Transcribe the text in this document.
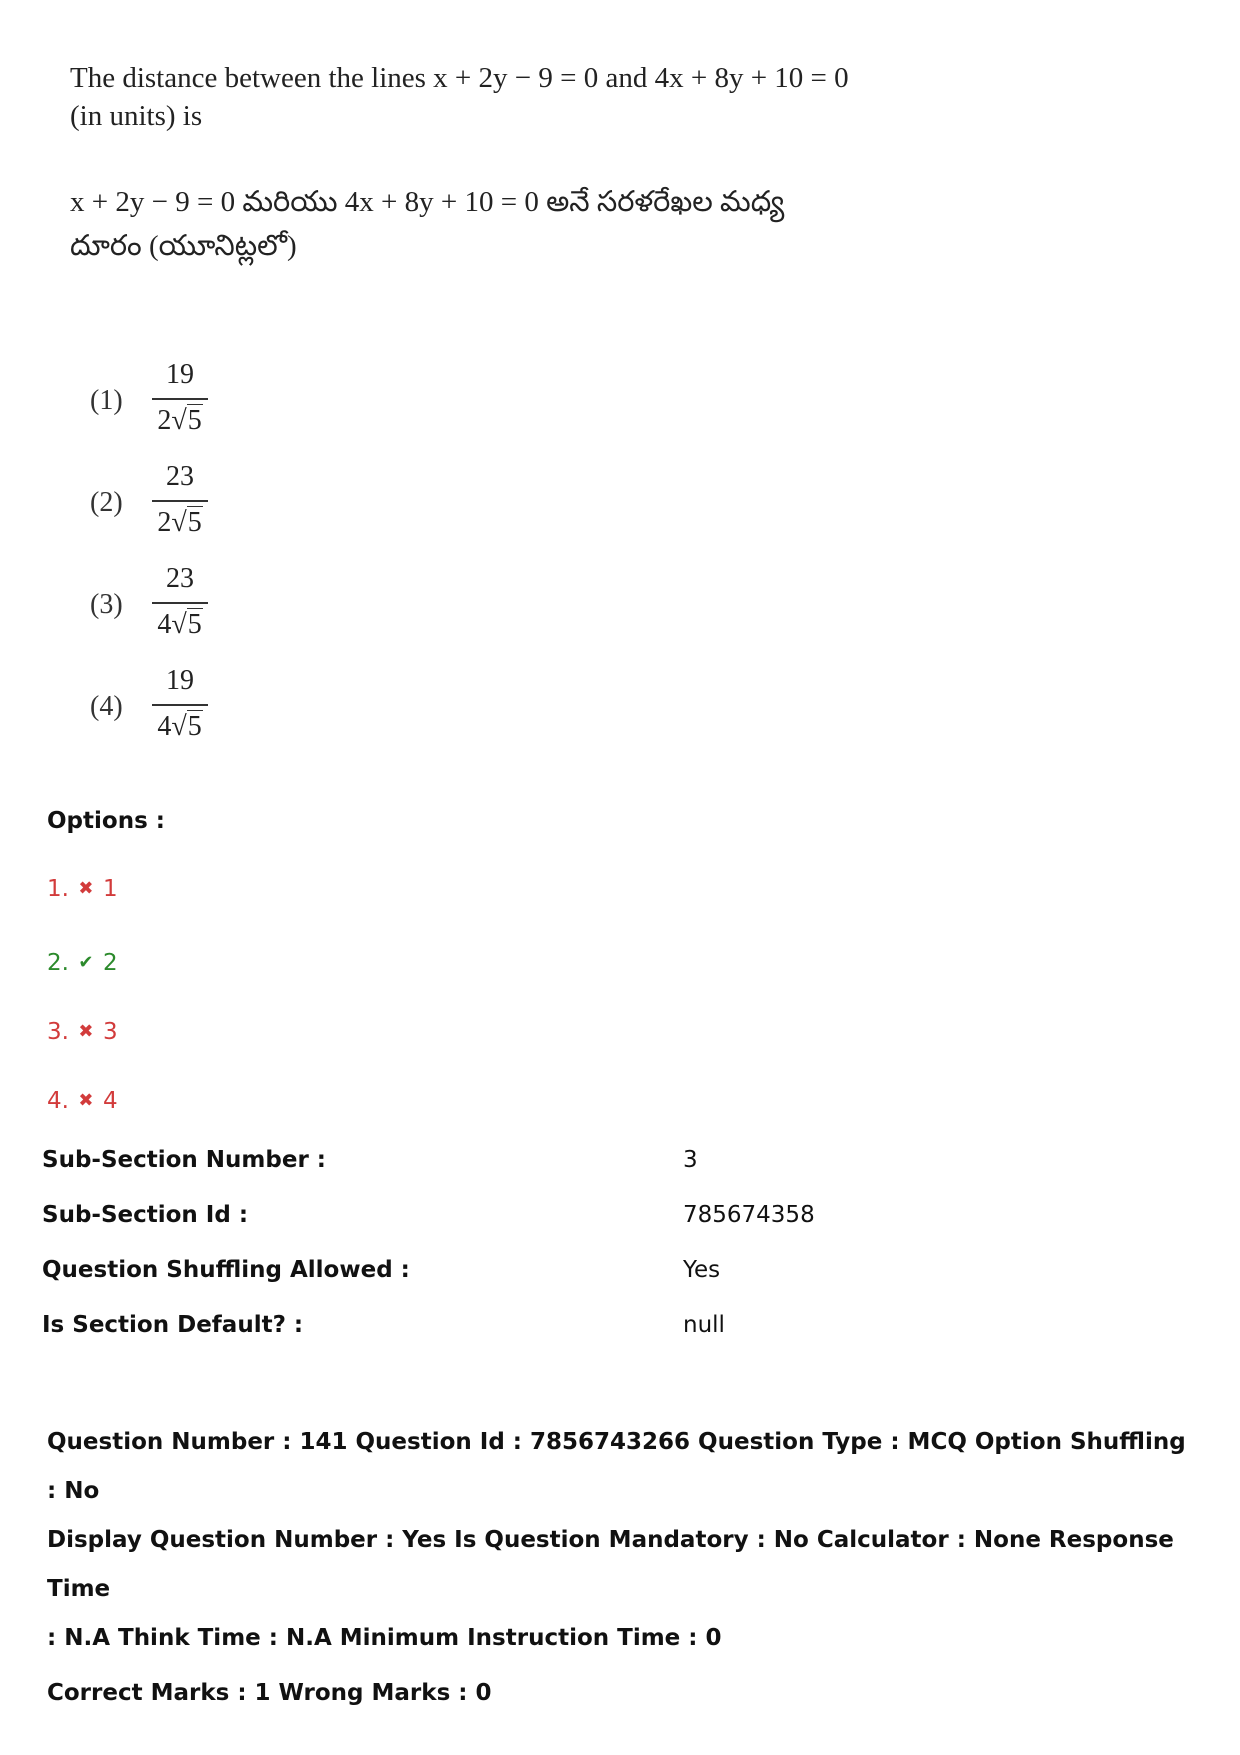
The distance between the lines x + 2y − 9 = 0 and 4x + 8y + 10 = 0
(in units) is
x + 2y − 9 = 0 మరియు 4x + 8y + 10 = 0 అనే సరళరేఖల మధ్య
దూరం (యూనిట్లలో)
(1)
19
2√5
(2)
23
2√5
(3)
23
4√5
(4)
19
4√5
Options :
1. ✖ 1
2. ✔ 2
3. ✖ 3
4. ✖ 4
Sub-Section Number :	3
Sub-Section Id :	785674358
Question Shuffling Allowed :	Yes
Is Section Default? :	null
Question Number : 141 Question Id : 7856743266 Question Type : MCQ Option Shuffling : No
Display Question Number : Yes Is Question Mandatory : No Calculator : None Response Time
: N.A Think Time : N.A Minimum Instruction Time : 0
Correct Marks : 1 Wrong Marks : 0
